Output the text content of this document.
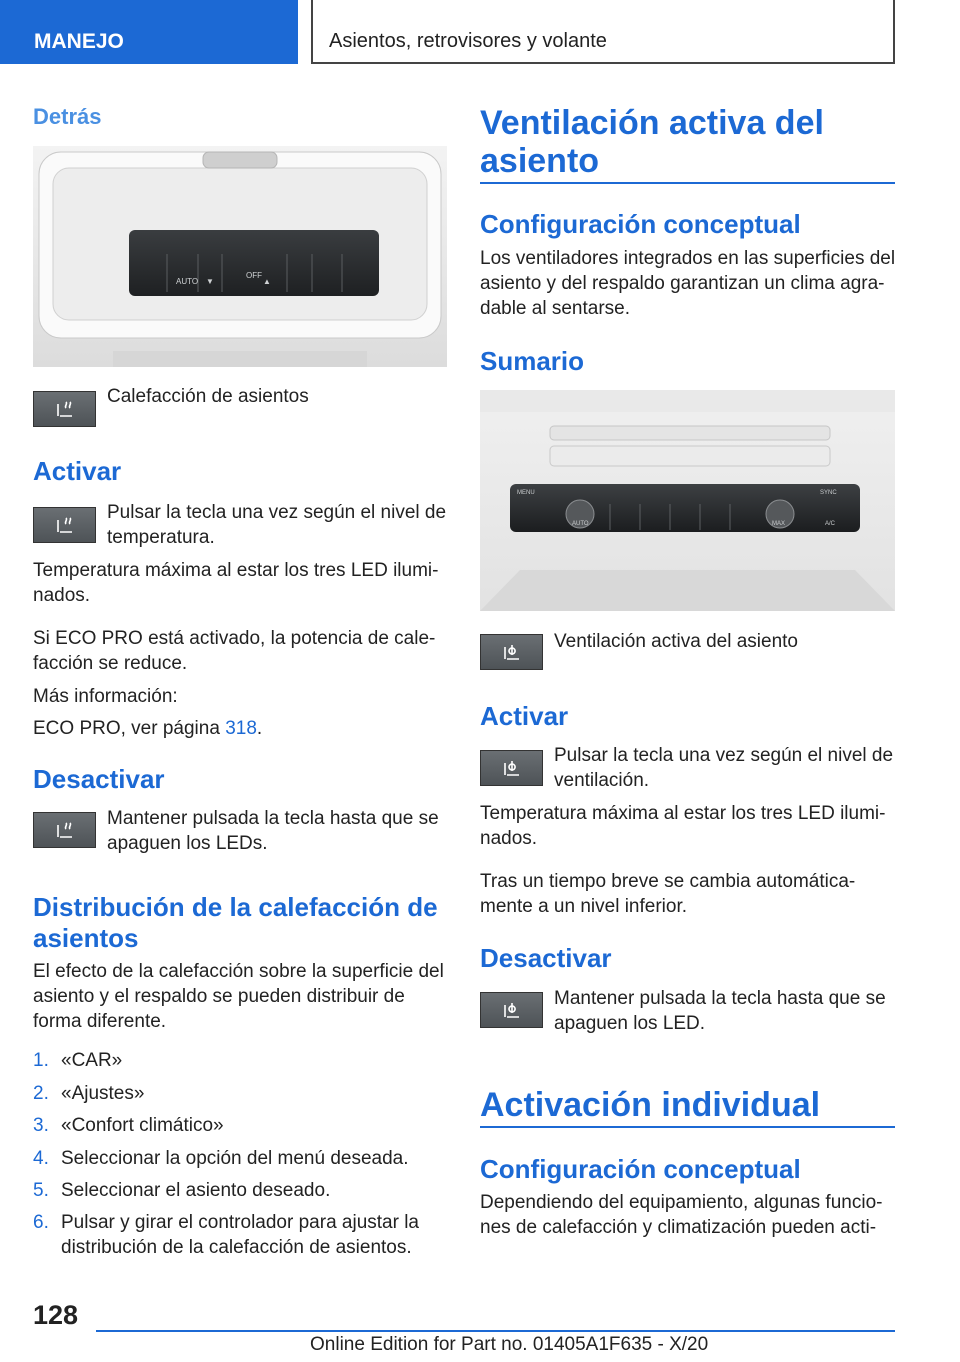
MANEJO	Asientos, retrovisores y volante
Detrás
AUTO
OFF
▼	▲
Calefacción de asientos
Activar
Pulsar la tecla una vez según el nivel de temperatura.
Temperatura máxima al estar los tres LED ilumi-
nados.
Si ECO PRO está activado, la potencia de cale-
facción se reduce.
Más información:
ECO PRO, ver página 318.
Desactivar
Mantener pulsada la tecla hasta que se apaguen los LEDs.
Distribución de la calefacción de
asientos
El efecto de la calefacción sobre la superficie del
asiento y el respaldo se pueden distribuir de
forma diferente.
1. «CAR»
2. «Ajustes»
3. «Confort climático»
4. Seleccionar la opción del menú deseada.
5. Seleccionar el asiento deseado.
6. Pulsar y girar el controlador para ajustar la distribución de la calefacción de asientos.
Ventilación activa del
asiento
Configuración conceptual
Los ventiladores integrados en las superficies del
asiento y del respaldo garantizan un clima agra-
dable al sentarse.
Sumario
MENU	SYNC
AUTO	MAX	A/C
Ventilación activa del asiento
Activar
Pulsar la tecla una vez según el nivel de ventilación.
Temperatura máxima al estar los tres LED ilumi-
nados.
Tras un tiempo breve se cambia automática-
mente a un nivel inferior.
Desactivar
Mantener pulsada la tecla hasta que se apaguen los LED.
Activación individual
Configuración conceptual
Dependiendo del equipamiento, algunas funcio-
nes de calefacción y climatización pueden acti-
128
Online Edition for Part no. 01405A1F635 - X/20
